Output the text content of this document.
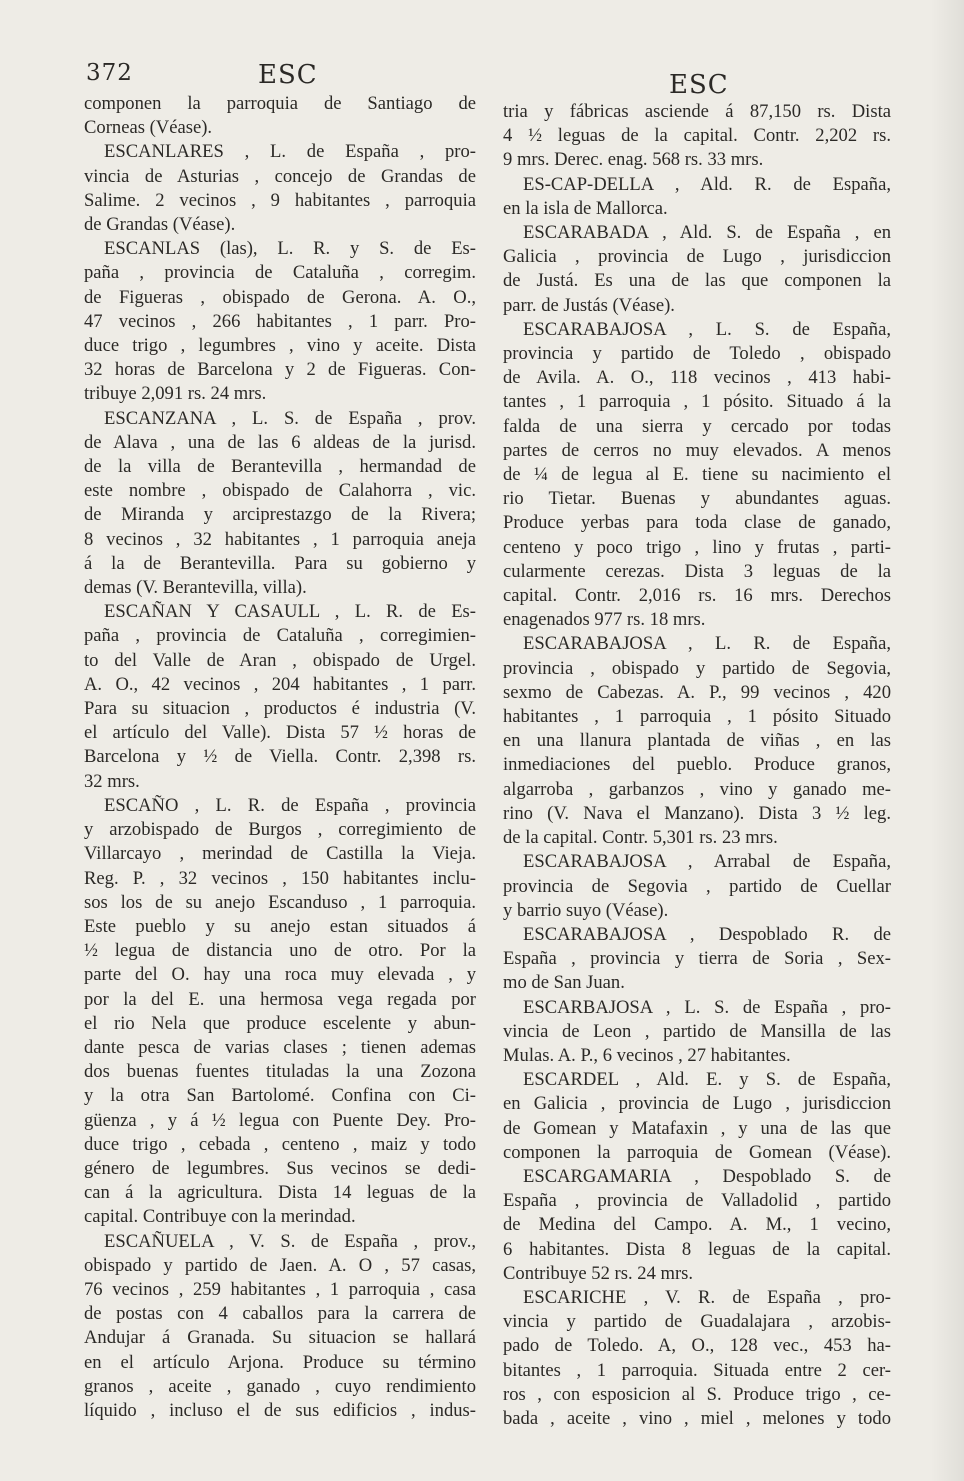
372	ESC	ESC

componen la parroquia de Santiago de

Corneas (Véase).

ESCANLARES , L. de España , pro-

vincia de Asturias , concejo de Grandas de

Salime. 2 vecinos , 9 habitantes , parroquia

de Grandas (Véase).

ESCANLAS (las), L. R. y S. de Es-

paña , provincia de Cataluña , corregim.

de Figueras , obispado de Gerona. A. O.,

47 vecinos , 266 habitantes , 1 parr. Pro-

duce trigo , legumbres , vino y aceite. Dista

32 horas de Barcelona y 2 de Figueras. Con-

tribuye 2,091 rs. 24 mrs.

ESCANZANA , L. S. de España , prov.

de Alava , una de las 6 aldeas de la jurisd.

de la villa de Berantevilla , hermandad de

este nombre , obispado de Calahorra , vic.

de Miranda y arciprestazgo de la Rivera;

8 vecinos , 32 habitantes , 1 parroquia aneja

á la de Berantevilla. Para su gobierno y

demas (V. Berantevilla, villa).

ESCAÑAN Y CASAULL , L. R. de Es-

paña , provincia de Cataluña , corregimien-

to del Valle de Aran , obispado de Urgel.

A. O., 42 vecinos , 204 habitantes , 1 parr.

Para su situacion , productos é industria (V.

el artículo del Valle). Dista 57 ½ horas de

Barcelona y ½ de Viella. Contr. 2,398 rs.

32 mrs.

ESCAÑO , L. R. de España , provincia

y arzobispado de Burgos , corregimiento de

Villarcayo , merindad de Castilla la Vieja.

Reg. P. , 32 vecinos , 150 habitantes inclu-

sos los de su anejo Escanduso , 1 parroquia.

Este pueblo y su anejo estan situados á

½ legua de distancia uno de otro. Por la

parte del O. hay una roca muy elevada , y

por la del E. una hermosa vega regada por

el rio Nela que produce escelente y abun-

dante pesca de varias clases ; tienen ademas

dos buenas fuentes tituladas la una Zozona

y la otra San Bartolomé. Confina con Ci-

güenza , y á ½ legua con Puente Dey. Pro-

duce trigo , cebada , centeno , maiz y todo

género de legumbres. Sus vecinos se dedi-

can á la agricultura. Dista 14 leguas de la

capital. Contribuye con la merindad.

ESCAÑUELA , V. S. de España , prov.,

obispado y partido de Jaen. A. O , 57 casas,

76 vecinos , 259 habitantes , 1 parroquia , casa

de postas con 4 caballos para la carrera de

Andujar á Granada. Su situacion se hallará

en el artículo Arjona. Produce su término

granos , aceite , ganado , cuyo rendimiento

líquido , incluso el de sus edificios , indus-

tria y fábricas asciende á 87,150 rs. Dista

4 ½ leguas de la capital. Contr. 2,202 rs.

9 mrs. Derec. enag. 568 rs. 33 mrs.

ES-CAP-DELLA , Ald. R. de España,

en la isla de Mallorca.

ESCARABADA , Ald. S. de España , en

Galicia , provincia de Lugo , jurisdiccion

de Justá. Es una de las que componen la

parr. de Justás (Véase).

ESCARABAJOSA , L. S. de España,

provincia y partido de Toledo , obispado

de Avila. A. O., 118 vecinos , 413 habi-

tantes , 1 parroquia , 1 pósito. Situado á la

falda de una sierra y cercado por todas

partes de cerros no muy elevados. A menos

de ¼ de legua al E. tiene su nacimiento el

rio Tietar. Buenas y abundantes aguas.

Produce yerbas para toda clase de ganado,

centeno y poco trigo , lino y frutas , parti-

cularmente cerezas. Dista 3 leguas de la

capital. Contr. 2,016 rs. 16 mrs. Derechos

enagenados 977 rs. 18 mrs.

ESCARABAJOSA , L. R. de España,

provincia , obispado y partido de Segovia,

sexmo de Cabezas. A. P., 99 vecinos , 420

habitantes , 1 parroquia , 1 pósito Situado

en una llanura plantada de viñas , en las

inmediaciones del pueblo. Produce granos,

algarroba , garbanzos , vino y ganado me-

rino (V. Nava el Manzano). Dista 3 ½ leg.

de la capital. Contr. 5,301 rs. 23 mrs.

ESCARABAJOSA , Arrabal de España,

provincia de Segovia , partido de Cuellar

y barrio suyo (Véase).

ESCARABAJOSA , Despoblado R. de

España , provincia y tierra de Soria , Sex-

mo de San Juan.

ESCARBAJOSA , L. S. de España , pro-

vincia de Leon , partido de Mansilla de las

Mulas. A. P., 6 vecinos , 27 habitantes.

ESCARDEL , Ald. E. y S. de España,

en Galicia , provincia de Lugo , jurisdiccion

de Gomean y Matafaxin , y una de las que

componen la parroquia de Gomean (Véase).

ESCARGAMARIA , Despoblado S. de

España , provincia de Valladolid , partido

de Medina del Campo. A. M., 1 vecino,

6 habitantes. Dista 8 leguas de la capital.

Contribuye 52 rs. 24 mrs.

ESCARICHE , V. R. de España , pro-

vincia y partido de Guadalajara , arzobis-

pado de Toledo. A, O., 128 vec., 453 ha-

bitantes , 1 parroquia. Situada entre 2 cer-

ros , con esposicion al S. Produce trigo , ce-

bada , aceite , vino , miel , melones y todo
